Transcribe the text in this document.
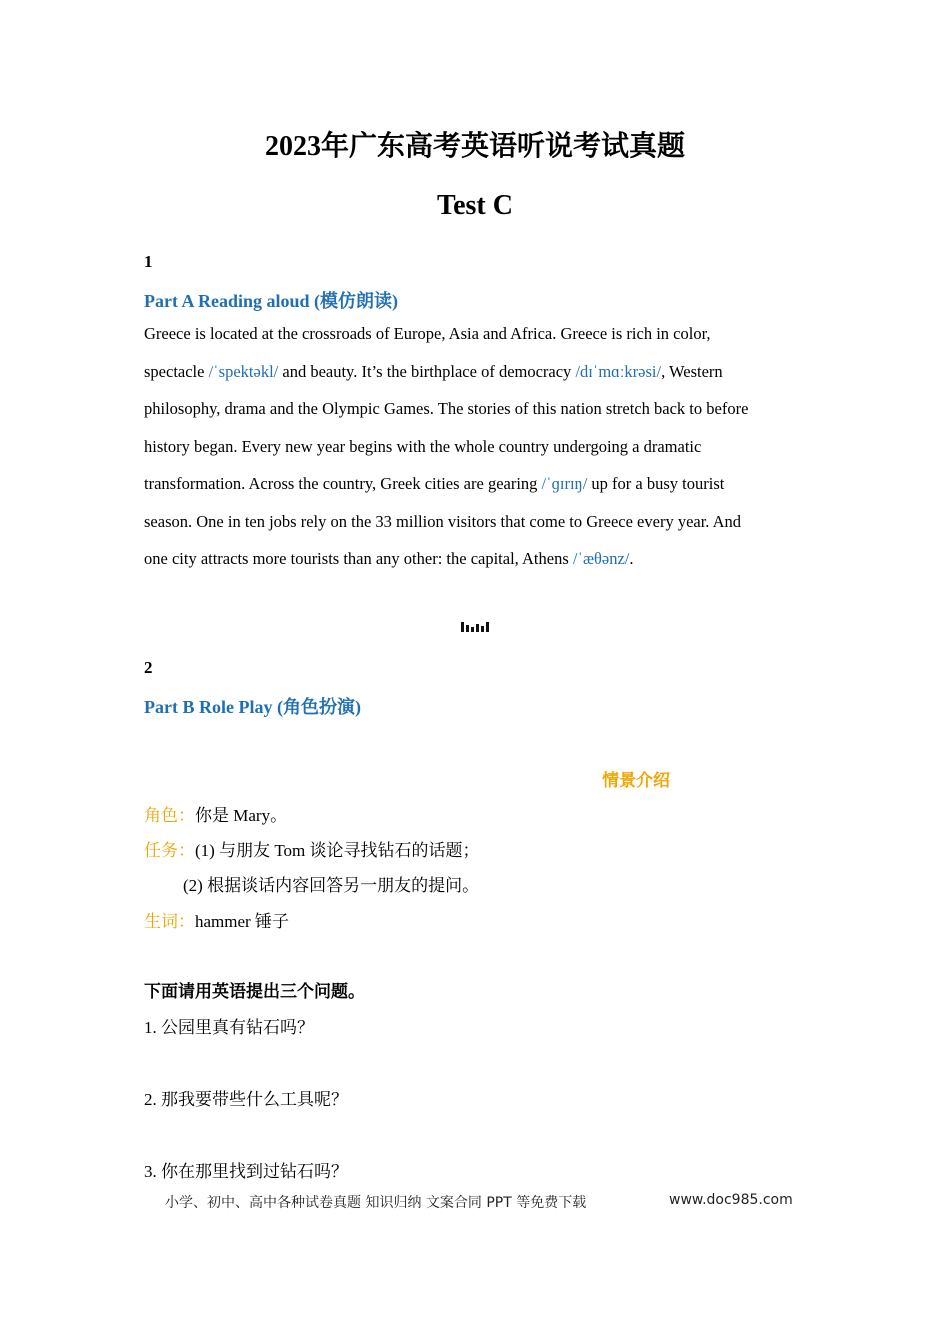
2023年广东高考英语听说考试真题
Test C
1
Part A Reading aloud (模仿朗读)

Greece is located at the crossroads of Europe, Asia and Africa. Greece is rich in color,

spectacle /ˈspektəkl/ and beauty. It’s the birthplace of democracy /dɪˈmɑːkrəsi/, Western

philosophy, drama and the Olympic Games. The stories of this nation stretch back to before

history began. Every new year begins with the whole country undergoing a dramatic

transformation. Across the country, Greek cities are gearing /ˈɡɪrɪŋ/ up for a busy tourist

season. One in ten jobs rely on the 33 million visitors that come to Greece every year. And

one city attracts more tourists than any other: the capital, Athens /ˈæθənz/.

2
Part B Role Play (角色扮演)
情景介绍
角色：你是 Mary。
任务：(1) 与朋友 Tom 谈论寻找钻石的话题；
(2) 根据谈话内容回答另一朋友的提问。
生词：hammer 锤子
下面请用英语提出三个问题。
1. 公园里真有钻石吗？
2. 那我要带些什么工具呢？
3. 你在那里找到过钻石吗？
小学、初中、高中各种试卷真题 知识归纳 文案合同 PPT 等免费下载	www.doc985.com
